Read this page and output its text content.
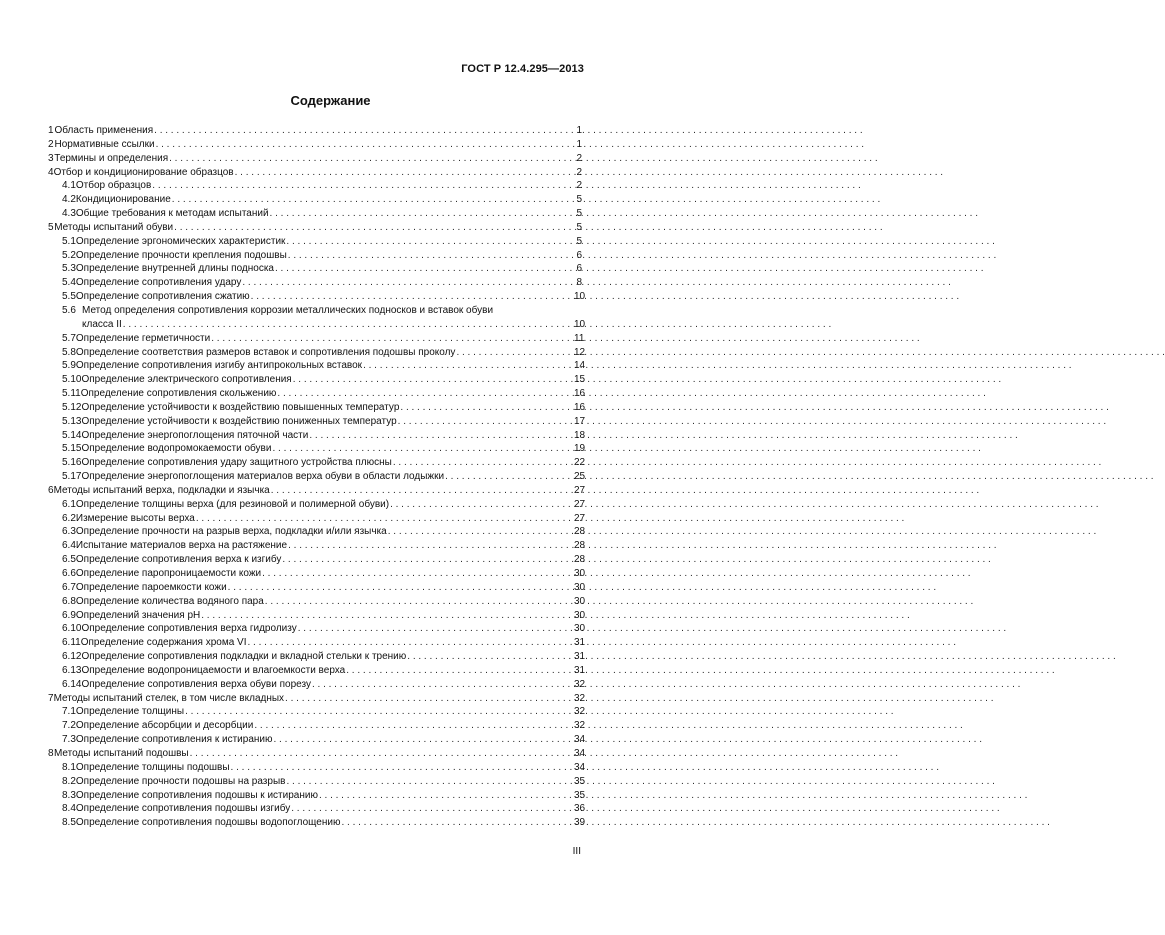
ГОСТ Р 12.4.295—2013
Содержание
1 Область применения . . .	1
2 Нормативные ссылки . . .	1
3 Термины и определения . . .	2
4 Отбор и кондиционирование образцов . . .	2
4.1 Отбор образцов . . .	2
4.2 Кондиционирование . . .	5
4.3 Общие требования к методам испытаний . . .	5
5 Методы испытаний обуви . . .	5
5.1 Определение эргономических характеристик . . .	5
5.2 Определение прочности крепления подошвы . . .	6
5.3 Определение внутренней длины подноска . . .	6
5.4 Определение сопротивления удару . . .	8
5.5 Определение сопротивления сжатию . . .	10
5.6 Метод определения сопротивления коррозии металлических подносков и вставок обуви
класса II . . .	10
5.7 Определение герметичности . . .	11
5.8 Определение соответствия размеров вставок и сопротивления подошвы проколу . . .	12
5.9 Определение сопротивления изгибу антипрокольных вставок . . .	14
5.10 Определение электрического сопротивления . . .	15
5.11 Определение сопротивления скольжению . . .	16
5.12 Определение устойчивости к воздействию повышенных температур . . .	16
5.13 Определение устойчивости к воздействию пониженных температур . . .	17
5.14 Определение энергопоглощения пяточной части . . .	18
5.15 Определение водопромокаемости обуви . . .	19
5.16 Определение сопротивления удару защитного устройства плюсны . . .	22
5.17 Определение энергопоглощения материалов верха обуви в области лодыжки . . .	25
6 Методы испытаний верха, подкладки и язычка . . .	27
6.1 Определение толщины верха (для резиновой и полимерной обуви) . . .	27
6.2 Измерение высоты верха . . .	27
6.3 Определение прочности на разрыв верха, подкладки и/или язычка . . .	28
6.4 Испытание материалов верха на растяжение . . .	28
6.5 Определение сопротивления верха к изгибу . . .	28
6.6 Определение паропроницаемости кожи . . .	30
6.7 Определение пароемкости кожи . . .	30
6.8 Определение количества водяного пара . . .	30
6.9 Определений значения pH . . .	30
6.10 Определение сопротивления верха гидролизу . . .	30
6.11 Определение содержания хрома VI . . .	31
6.12 Определение сопротивления подкладки и вкладной стельки к трению . . .	31
6.13 Определение водопроницаемости и влагоемкости верха . . .	31
6.14 Определение сопротивления верха обуви порезу . . .	32
7 Методы испытаний стелек, в том числе вкладных . . .	32
7.1 Определение толщины . . .	32
7.2 Определение абсорбции и десорбции . . .	32
7.3 Определение сопротивления к истиранию . . .	34
8 Методы испытаний подошвы . . .	34
8.1 Определение толщины подошвы . . .	34
8.2 Определение прочности подошвы на разрыв . . .	35
8.3 Определение сопротивления подошвы к истиранию . . .	35
8.4 Определение сопротивления подошвы изгибу . . .	36
8.5 Определение сопротивления подошвы водопоглощению . . .	39
III
